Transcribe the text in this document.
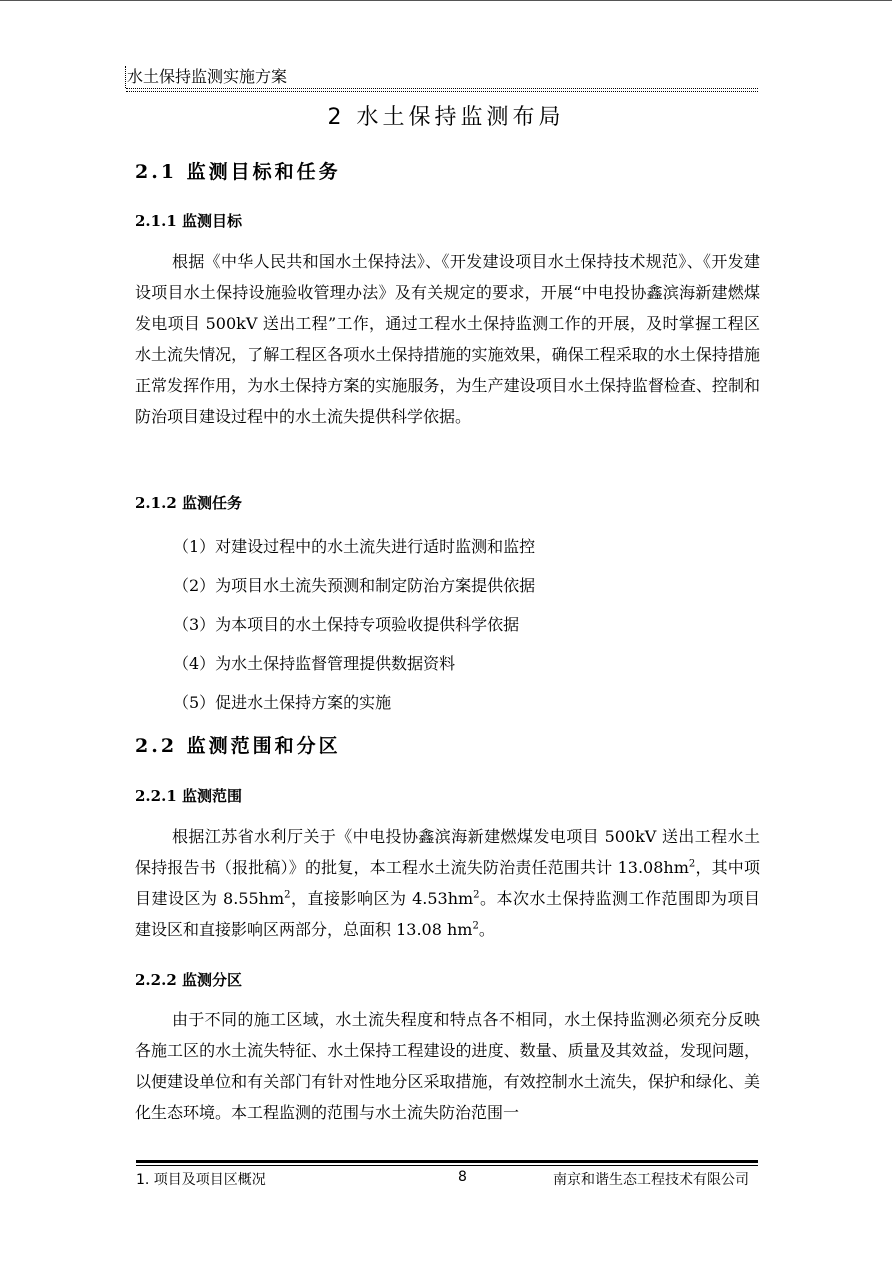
水土保持监测实施方案
2 水土保持监测布局
2.1 监测目标和任务
2.1.1 监测目标
根据《中华人民共和国水土保持法》、《开发建设项目水土保持技术规范》、《开发建设项目水土保持设施验收管理办法》及有关规定的要求，开展“中电投协鑫滨海新建燃煤发电项目 500kV 送出工程”工作，通过工程水土保持监测工作的开展，及时掌握工程区水土流失情况，了解工程区各项水土保持措施的实施效果，确保工程采取的水土保持措施正常发挥作用，为水土保持方案的实施服务，为生产建设项目水土保持监督检查、控制和防治项目建设过程中的水土流失提供科学依据。
2.1.2 监测任务
（1）对建设过程中的水土流失进行适时监测和监控
（2）为项目水土流失预测和制定防治方案提供依据
（3）为本项目的水土保持专项验收提供科学依据
（4）为水土保持监督管理提供数据资料
（5）促进水土保持方案的实施
2.2 监测范围和分区
2.2.1 监测范围
根据江苏省水利厅关于《中电投协鑫滨海新建燃煤发电项目 500kV 送出工程水土保持报告书（报批稿）》的批复，本工程水土流失防治责任范围共计 $13.08hm^2$，其中项目建设区为 $8.55hm^2$，直接影响区为 $4.53hm^2$。本次水土保持监测工作范围即为项目建设区和直接影响区两部分，总面积 13.08 $hm^2$。
2.2.2 监测分区
由于不同的施工区域，水土流失程度和特点各不相同，水土保持监测必须充分反映各施工区的水土流失特征、水土保持工程建设的进度、数量、质量及其效益，发现问题，以便建设单位和有关部门有针对性地分区采取措施，有效控制水土流失，保护和绿化、美化生态环境。本工程监测的范围与水土流失防治范围一
1. 项目及项目区概况	8	南京和谐生态工程技术有限公司
